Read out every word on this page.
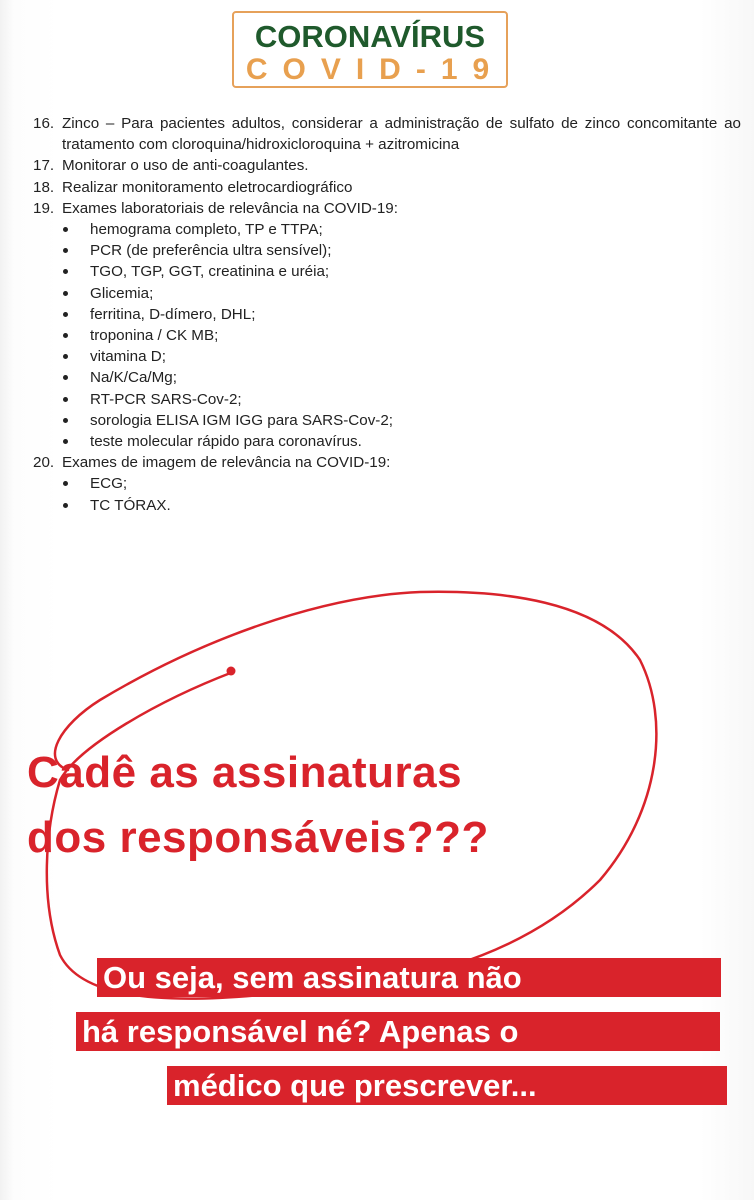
CORONAVÍRUS
COVID-19
16. Zinco – Para pacientes adultos, considerar a administração de sulfato de zinco concomitante ao tratamento com cloroquina/hidroxicloroquina + azitromicina
17. Monitorar o uso de anti-coagulantes.
18. Realizar monitoramento eletrocardiográfico
19. Exames laboratoriais de relevância na COVID-19:
hemograma completo, TP e TTPA;
PCR (de preferência ultra sensível);
TGO, TGP, GGT, creatinina e uréia;
Glicemia;
ferritina, D-dímero, DHL;
troponina / CK MB;
vitamina D;
Na/K/Ca/Mg;
RT-PCR SARS-Cov-2;
sorologia ELISA IGM IGG para SARS-Cov-2;
teste molecular rápido para coronavírus.
20. Exames de imagem de relevância na COVID-19:
ECG;
TC TÓRAX.
Cadê as assinaturas
dos responsáveis???
Ou seja, sem assinatura não
há responsável né? Apenas o
médico que prescrever...
